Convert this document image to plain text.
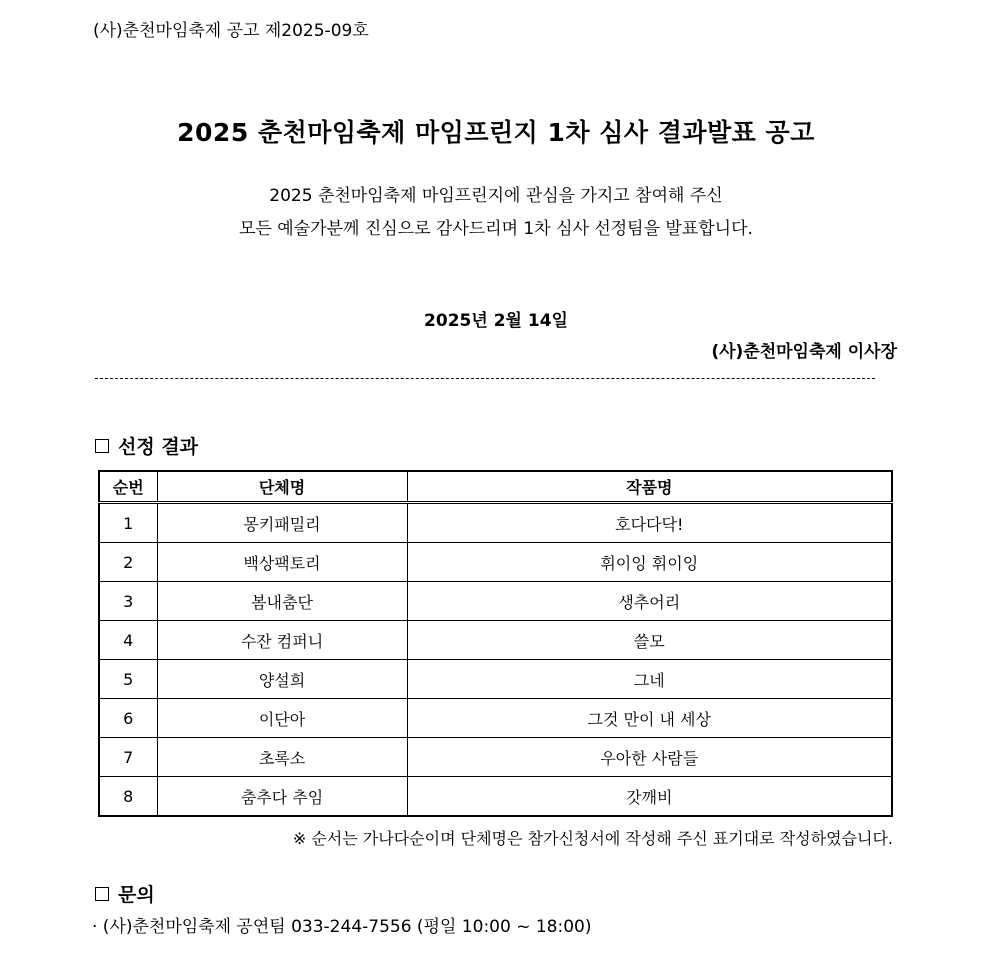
(사)춘천마임축제 공고 제2025-09호
2025 춘천마임축제 마임프린지 1차 심사 결과발표 공고
2025 춘천마임축제 마임프린지에 관심을 가지고 참여해 주신
모든 예술가분께 진심으로 감사드리며 1차 심사 선정팀을 발표합니다.
2025년 2월 14일
(사)춘천마임축제 이사장
선정 결과
순번	단체명	작품명
1	몽키패밀리	호다다닥!
2	백상팩토리	휘이잉 휘이잉
3	봄내춤단	생추어리
4	수잔 컴퍼니	쓸모
5	양설희	그네
6	이단아	그것 만이 내 세상
7	초록소	우아한 사람들
8	춤추다 추임	갓깨비
※ 순서는 가나다순이며 단체명은 참가신청서에 작성해 주신 표기대로 작성하였습니다.
문의
· (사)춘천마임축제 공연팀 033-244-7556 (평일 10:00 ~ 18:00)
